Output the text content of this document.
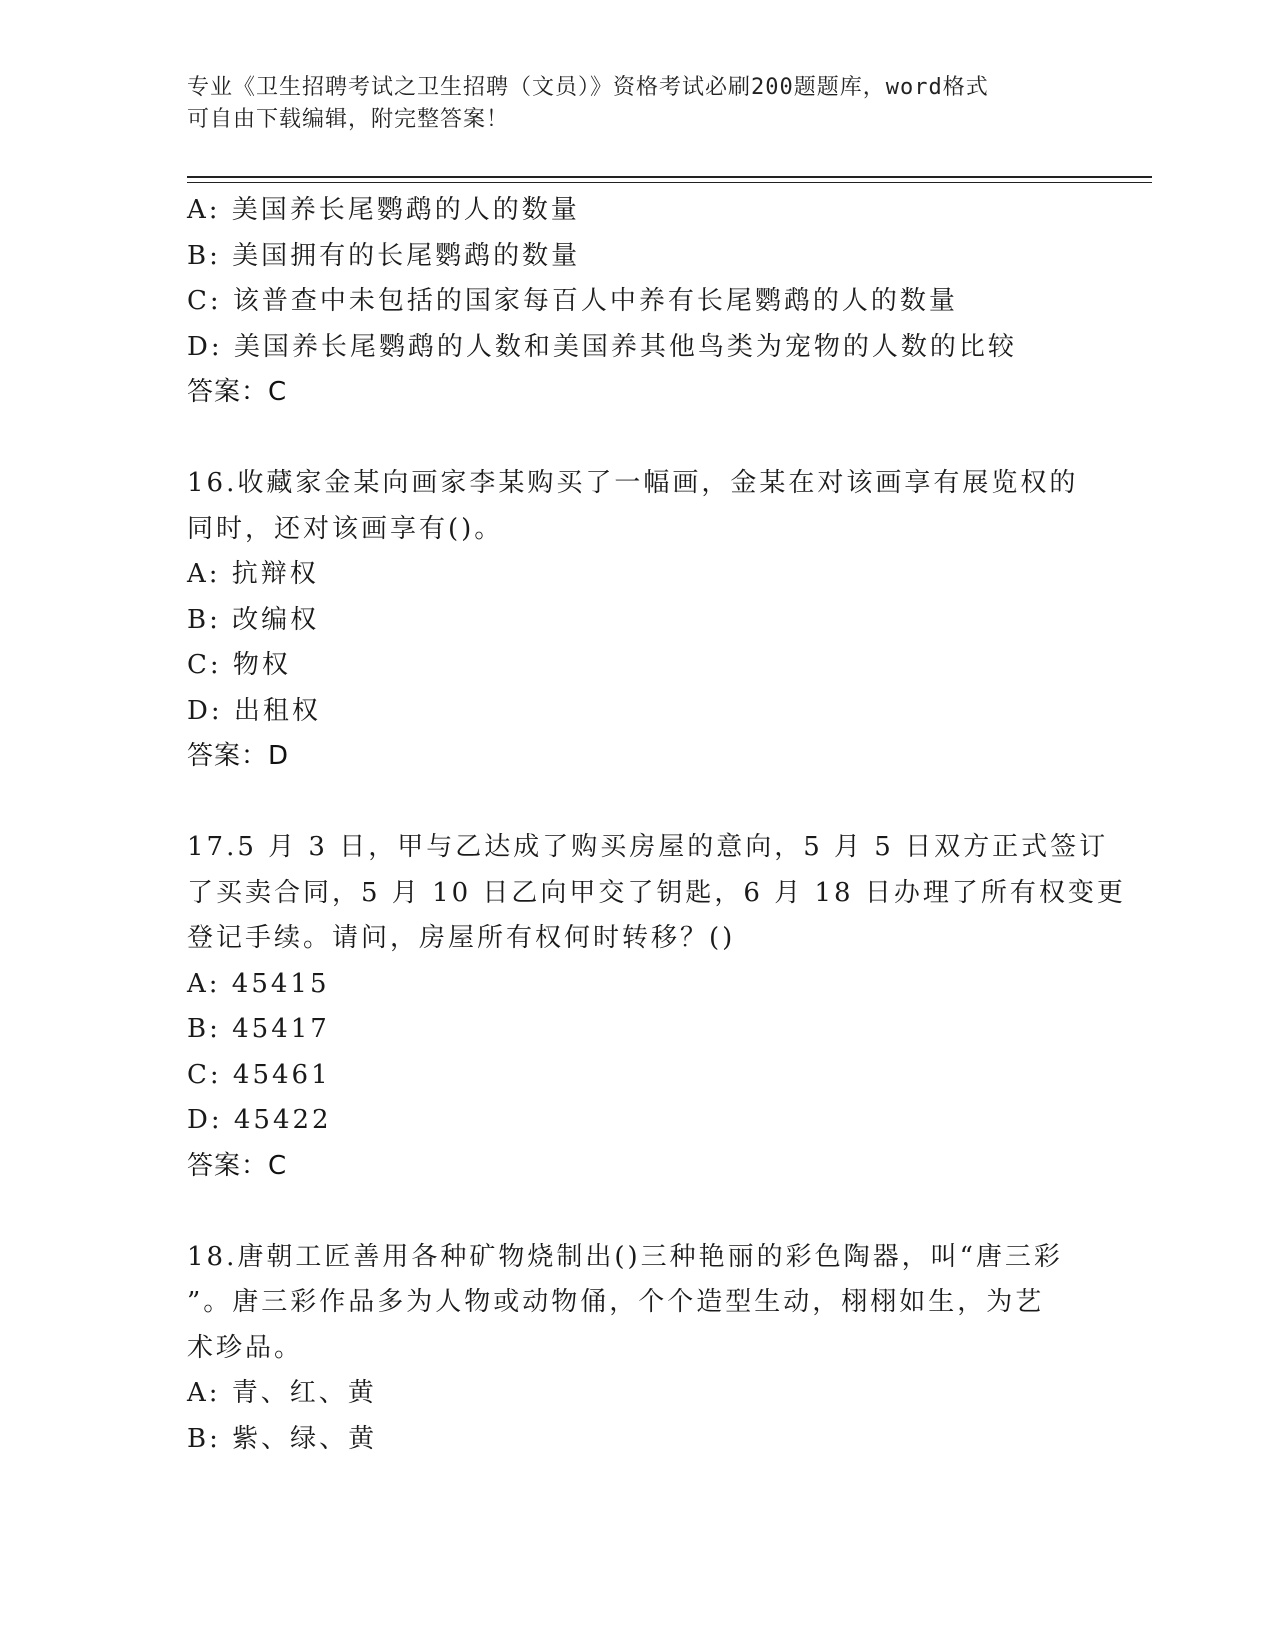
专业《卫生招聘考试之卫生招聘（文员）》资格考试必刷200题题库，word格式
可自由下载编辑，附完整答案！
A: 美国养长尾鹦鹉的人的数量
B: 美国拥有的长尾鹦鹉的数量
C: 该普查中未包括的国家每百人中养有长尾鹦鹉的人的数量
D: 美国养长尾鹦鹉的人数和美国养其他鸟类为宠物的人数的比较
答案：C
16.收藏家金某向画家李某购买了一幅画，金某在对该画享有展览权的
同时，还对该画享有()。
A: 抗辩权
B: 改编权
C: 物权
D: 出租权
答案：D
17.5 月 3 日，甲与乙达成了购买房屋的意向，5 月 5 日双方正式签订
了买卖合同，5 月 10 日乙向甲交了钥匙，6 月 18 日办理了所有权变更
登记手续。请问，房屋所有权何时转移？()
A: 45415
B: 45417
C: 45461
D: 45422
答案：C
18.唐朝工匠善用各种矿物烧制出()三种艳丽的彩色陶器，叫“唐三彩
”。唐三彩作品多为人物或动物俑，个个造型生动，栩栩如生，为艺
术珍品。
A: 青、红、黄
B: 紫、绿、黄
